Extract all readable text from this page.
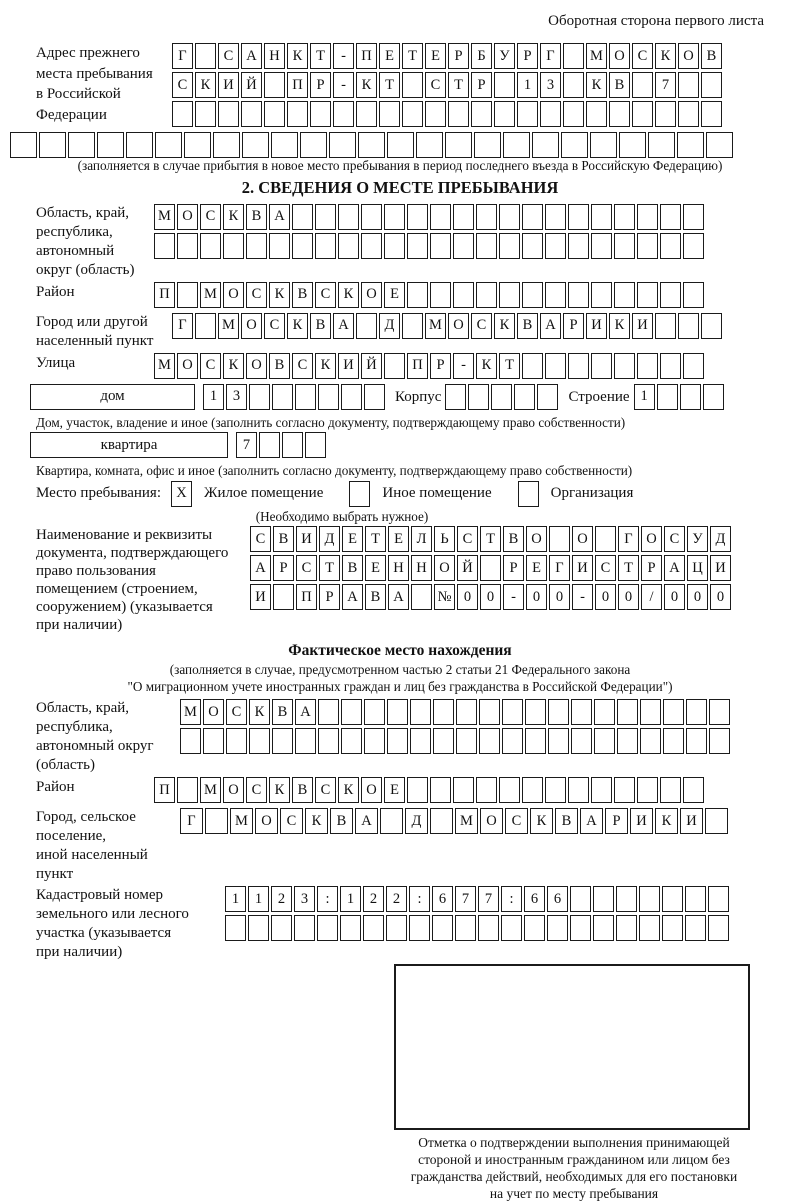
Оборотная сторона первого листа
Адрес прежнего
места пребывания
в Российской
Федерации
Г	С А Н К Т	-	П Е Т Е	Р	Б У Р	Г	М О С К О В
С К И Й	П Р	-	К Т	С Т	Р	1	3	К В	7
(заполняется в случае прибытия в новое место пребывания в период последнего въезда в Российскую Федерацию)
2. СВЕДЕНИЯ О МЕСТЕ ПРЕБЫВАНИЯ
Область, край,
республика,
автономный
округ (область)
М О С К В А
Район	П	М О С К В С К О Е
Город или другой
населенный пункт
Г	М О С К В А	Д	М О С К В А Р И К И
Улица	М О С К О В С К И Й	П Р	-	К Т
дом	1	3	Корпус	Строение 1
Дом, участок, владение и иное (заполнить согласно документу, подтверждающему право собственности)
квартира	7
Квартира, комната, офис и иное (заполнить согласно документу, подтверждающему право собственности)
Место пребывания:	X	Жилое помещение	Иное помещение	Организация
(Необходимо выбрать нужное)
Наименование и реквизиты
документа, подтверждающего
право пользования
помещением (строением,
сооружением) (указывается
при наличии)
С В И Д Е Т Е Л Ь С Т В О	О	Г О С У Д
А Р С Т В Е Н Н О Й	Р	Е Г И С Т	Р А Ц И
И	П Р А В А	№ 0	0	-	0	0	-	0	0	/	0	0	0
Фактическое место нахождения
(заполняется в случае, предусмотренном частью 2 статьи 21 Федерального закона
"О миграционном учете иностранных граждан и лиц без гражданства в Российской Федерации")
Область, край,
республика,
автономный округ
(область)
М О С К В А
Район	П	М О С К В С К О Е
Город, сельское поселение,
иной населенный пункт
Г	М О	С	К	В	А	Д	М О	С	К	В	А	Р	И	К	И
Кадастровый номер
земельного или лесного
участка (указывается
при наличии)
1	1	2	3	:	1	2	2	:	6	7	7	:	6	6
Отметка о подтверждении выполнения принимающей
стороной и иностранным гражданином или лицом без
гражданства действий, необходимых для его постановки
на учет по месту пребывания
